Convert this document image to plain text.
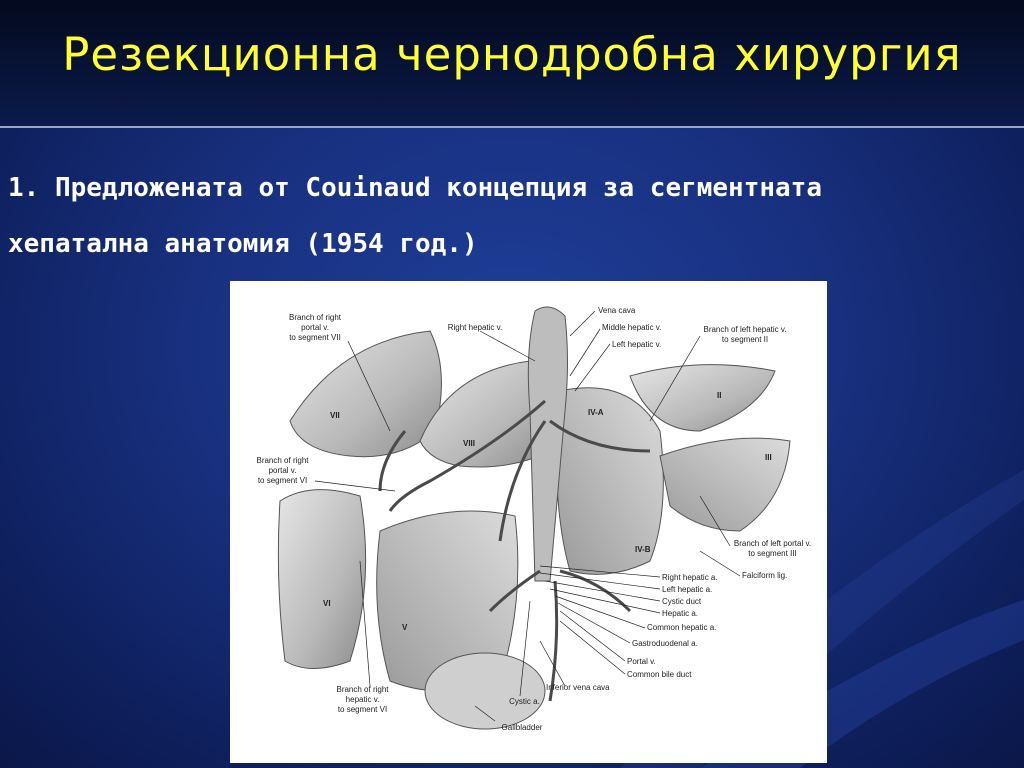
Резекционна чернодробна хирургия
1. Предложената от Couinaud концепция за сегментната
хепатална анатомия (1954 год.)
VII
VIII
IV-A
IV-B
II
III
VI
V
Branch of right
portal v.
to segment VII
Right hepatic v.
Vena cava
Middle hepatic v.
Left hepatic v.
Branch of left hepatic v.
to segment II
Branch of right
portal v.
to segment VI
Branch of left portal v.
to segment III
Falciform lig.
Right hepatic a.
Left hepatic a.
Cystic duct
Hepatic a.
Common hepatic a.
Gastroduodenal a.
Portal v.
Common bile duct
Inferior vena cava
Cystic a.
Gallbladder
Branch of right
hepatic v.
to segment VI
